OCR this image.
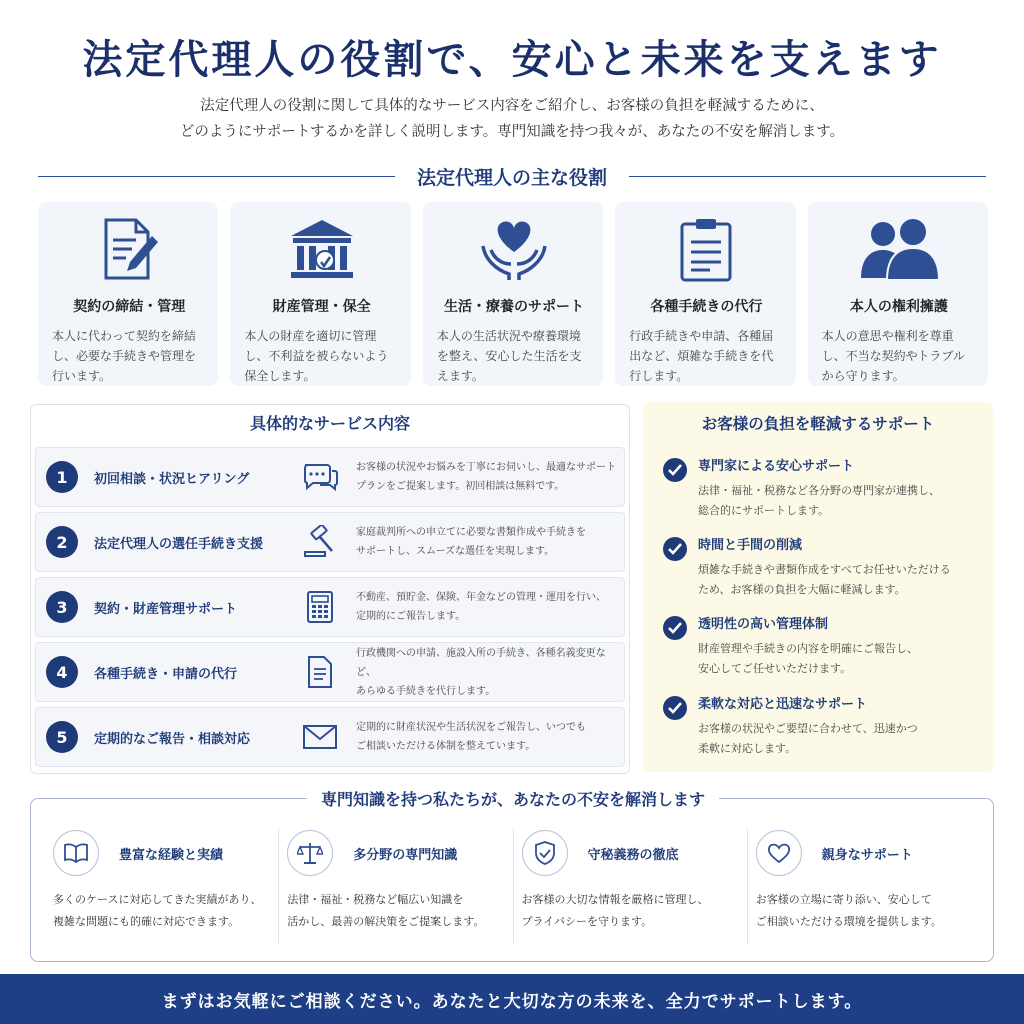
法定代理人の役割で、安心と未来を支えます
法定代理人の役割に関して具体的なサービス内容をご紹介し、お客様の負担を軽減するために、
どのようにサポートするかを詳しく説明します。専門知識を持つ我々が、あなたの不安を解消します。
法定代理人の主な役割
契約の締結・管理
本人に代わって契約を締結し、必要な手続きや管理を行います。
財産管理・保全
本人の財産を適切に管理し、不利益を被らないよう保全します。
生活・療養のサポート
本人の生活状況や療養環境を整え、安心した生活を支えます。
各種手続きの代行
行政手続きや申請、各種届出など、煩雑な手続きを代行します。
本人の権利擁護
本人の意思や権利を尊重し、不当な契約やトラブルから守ります。
具体的なサービス内容
1	初回相談・状況ヒアリング
お客様の状況やお悩みを丁寧にお伺いし、最適なサポート
プランをご提案します。初回相談は無料です。
2	法定代理人の選任手続き支援
家庭裁判所への申立てに必要な書類作成や手続きを
サポートし、スムーズな選任を実現します。
3	契約・財産管理サポート
不動産、預貯金、保険、年金などの管理・運用を行い、
定期的にご報告します。
4	各種手続き・申請の代行
行政機関への申請、施設入所の手続き、各種名義変更など、
あらゆる手続きを代行します。
5	定期的なご報告・相談対応
定期的に財産状況や生活状況をご報告し、いつでも
ご相談いただける体制を整えています。
お客様の負担を軽減するサポート
専門家による安心サポート
法律・福祉・税務など各分野の専門家が連携し、
総合的にサポートします。
時間と手間の削減
煩雑な手続きや書類作成をすべてお任せいただける
ため、お客様の負担を大幅に軽減します。
透明性の高い管理体制
財産管理や手続きの内容を明確にご報告し、
安心してご任せいただけます。
柔軟な対応と迅速なサポート
お客様の状況やご要望に合わせて、迅速かつ
柔軟に対応します。
専門知識を持つ私たちが、あなたの不安を解消します
豊富な経験と実績
多くのケースに対応してきた実績があり、
複雑な問題にも的確に対応できます。
多分野の専門知識
法律・福祉・税務など幅広い知識を
活かし、最善の解決策をご提案します。
守秘義務の徹底
お客様の大切な情報を厳格に管理し、
プライバシーを守ります。
親身なサポート
お客様の立場に寄り添い、安心して
ご相談いただける環境を提供します。
まずはお気軽にご相談ください。あなたと大切な方の未来を、全力でサポートします。
